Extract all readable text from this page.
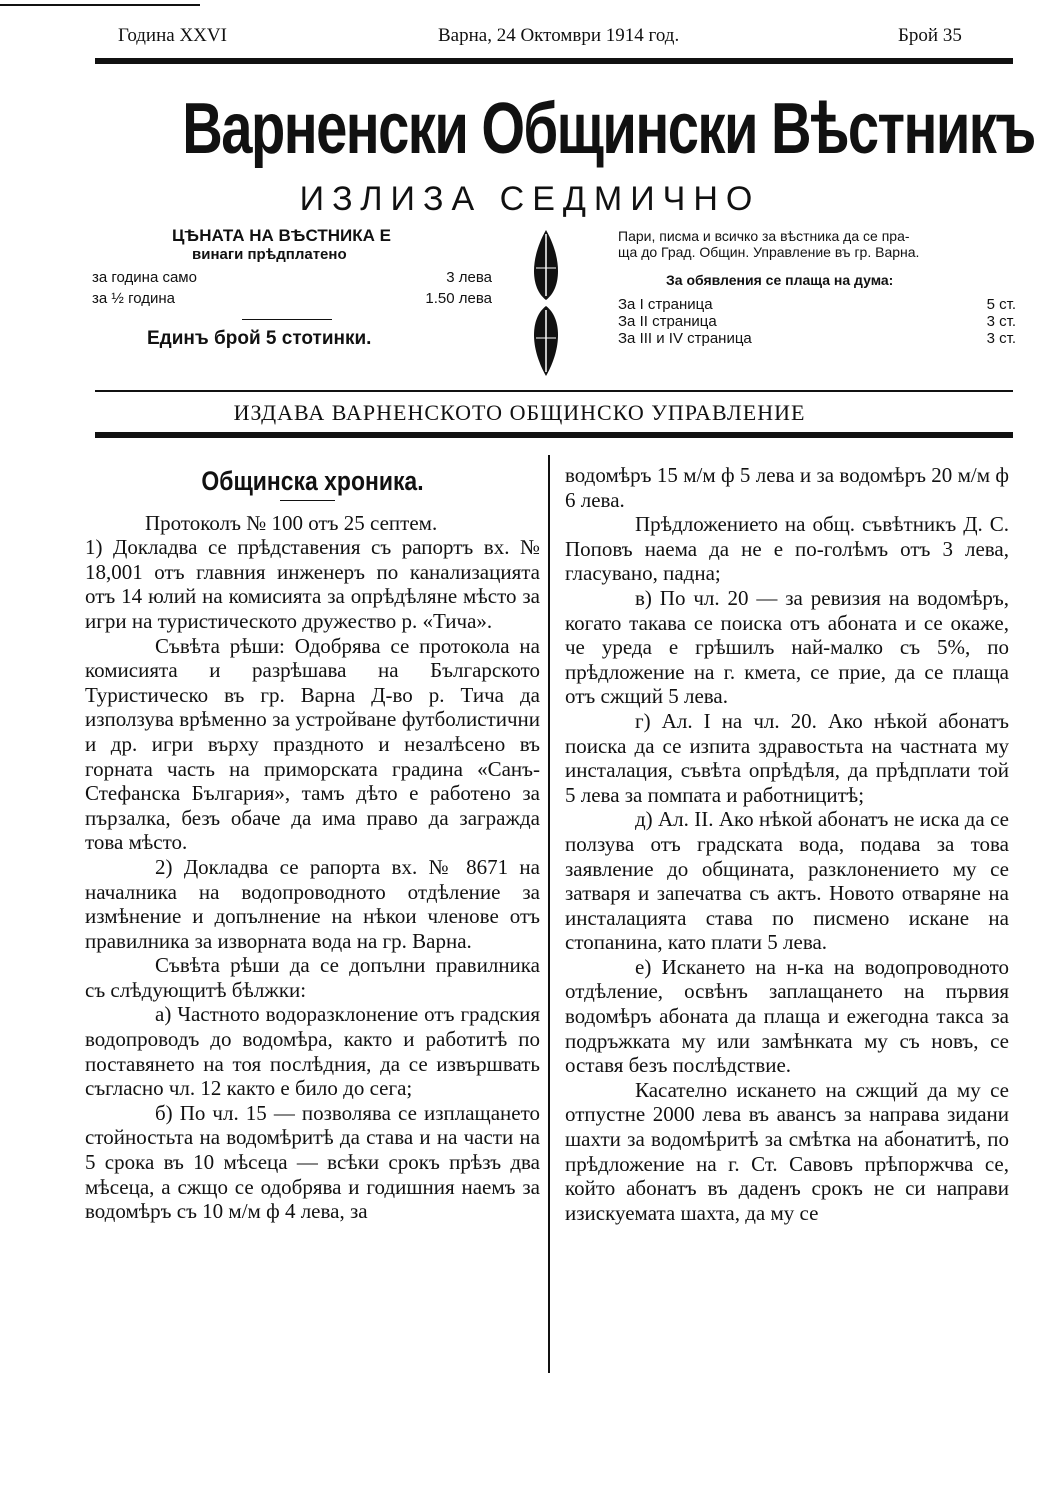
Година XXVI	Варна, 24 Октомври 1914 год.	Брой 35
Варненски Общински Вѣстникъ
ИЗЛИЗА СЕДМИЧНО
ЦѢНАТА НА ВѢСТНИКА Е
винаги прѣдплатено
за година само	3 лева
за ½ година	1.50 лева
Единъ брой 5 стотинки.
Пари, писма и всичко за вѣстника да се пра-
ща до Град. Общин. Управление въ гр. Варна.
За обявления се плаща на дума:
За I страница	5 ст.
За II страница	3 ст.
За III и IV страница	3 ст.
ИЗДАВА ВАРНЕНСКОТО ОБЩИНСКО УПРАВЛЕНИЕ
Общинска хроника.

Протоколъ № 100 отъ 25 септем.

1) Докладва се прѣдставения съ рапортъ вх. № 18,001 отъ главния инженеръ по канализацията отъ 14 юлий на комисията за опрѣдѣляне мѣсто за игри на туристическото дружество р. «Тича».

Съвѣта рѣши: Одобрява се протокола на комисията и разрѣшава на Българското Туристическо въ гр. Варна Д-во р. Тича да използува врѣменно за устройване футболистични и др. игри върху праздното и незалѣсено въ горната часть на приморската градина «Санъ-Стефанска България», тамъ дѣто е работено за пързалка, безъ обаче да има право да загражда това мѣсто.

2) Докладва се рапорта вх. № 8671 на началника на водопроводното отдѣление за измѣнение и допълнение на нѣкои членове отъ правилника за изворната вода на гр. Варна.

Съвѣта рѣши да се допълни правилника съ слѣдующитѣ бѣлжки:

а) Частното водоразклонение отъ градския водопроводъ до водомѣра, както и работитѣ по поставянето на тоя послѣдния, да се извършвать съгласно чл. 12 както е било до сега;

б) По чл. 15 — позволява се изплащането стойностьта на водомѣритѣ да става и на части на 5 срока въ 10 мѣсеца — всѣки срокъ прѣзъ два мѣсеца, а сжщо се одобрява и годишния наемъ за водомѣръ съ 10 м/м ф 4 лева, за

водомѣръ 15 м/м ф 5 лева и за водомѣръ 20 м/м ф 6 лева.

Прѣдложението на общ. съвѣтникъ Д. С. Поповъ наема да не е по-голѣмъ отъ 3 лева, гласувано, падна;

в) По чл. 20 — за ревизия на водомѣръ, когато такава се поиска отъ абоната и се окаже, че уреда е грѣшилъ най-малко съ 5%, по прѣдложение на г. кмета, се прие, да се плаща отъ сжщий 5 лева.

г) Ал. I на чл. 20. Ако нѣкой абонатъ поиска да се изпита здравостьта на частната му инсталация, съвѣта опрѣдѣля, да прѣдплати той 5 лева за помпата и работницитѣ;

д) Ал. II. Ако нѣкой абонатъ не иска да се ползува отъ градската вода, подава за това заявление до общината, разклонението му се затваря и запечатва съ актъ. Новото отваряне на инсталацията става по писмено искане на стопанина, като плати 5 лева.

е) Искането на н-ка на водопроводното отдѣление, освѣнъ заплащането на първия водомѣръ абоната да плаща и ежегодна такса за подръжката му или замѣнката му съ новъ, се оставя безъ послѣдствие.

Касателно искането на сжщий да му се отпустне 2000 лева въ авансъ за направа зидани шахти за водомѣритѣ за смѣтка на абонатитѣ, по прѣдложение на г. Ст. Савовъ прѣпоржчва се, който абонатъ въ даденъ срокъ не си направи изискуемата шахта, да му се
